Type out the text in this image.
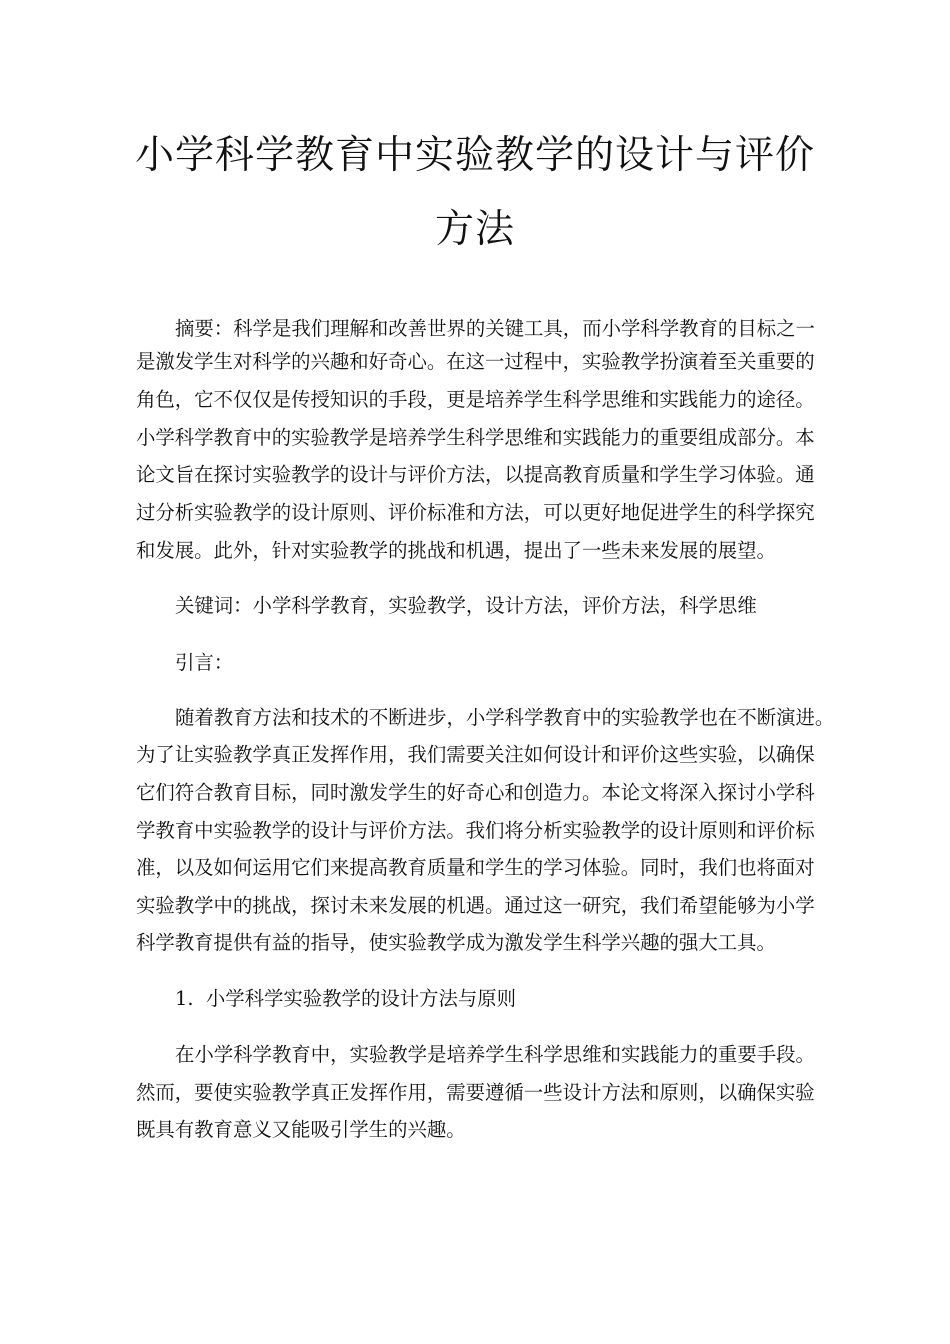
小学科学教育中实验教学的设计与评价
方法
摘要：科学是我们理解和改善世界的关键工具，而小学科学教育的目标之一
是激发学生对科学的兴趣和好奇心。在这一过程中，实验教学扮演着至关重要的
角色，它不仅仅是传授知识的手段，更是培养学生科学思维和实践能力的途径。
小学科学教育中的实验教学是培养学生科学思维和实践能力的重要组成部分。本
论文旨在探讨实验教学的设计与评价方法，以提高教育质量和学生学习体验。通
过分析实验教学的设计原则、评价标准和方法，可以更好地促进学生的科学探究
和发展。此外，针对实验教学的挑战和机遇，提出了一些未来发展的展望。
关键词：小学科学教育，实验教学，设计方法，评价方法，科学思维
引言：
随着教育方法和技术的不断进步，小学科学教育中的实验教学也在不断演进。
为了让实验教学真正发挥作用，我们需要关注如何设计和评价这些实验，以确保
它们符合教育目标，同时激发学生的好奇心和创造力。本论文将深入探讨小学科
学教育中实验教学的设计与评价方法。我们将分析实验教学的设计原则和评价标
准，以及如何运用它们来提高教育质量和学生的学习体验。同时，我们也将面对
实验教学中的挑战，探讨未来发展的机遇。通过这一研究，我们希望能够为小学
科学教育提供有益的指导，使实验教学成为激发学生科学兴趣的强大工具。
1.  小学科学实验教学的设计方法与原则
在小学科学教育中，实验教学是培养学生科学思维和实践能力的重要手段。
然而，要使实验教学真正发挥作用，需要遵循一些设计方法和原则，以确保实验
既具有教育意义又能吸引学生的兴趣。
